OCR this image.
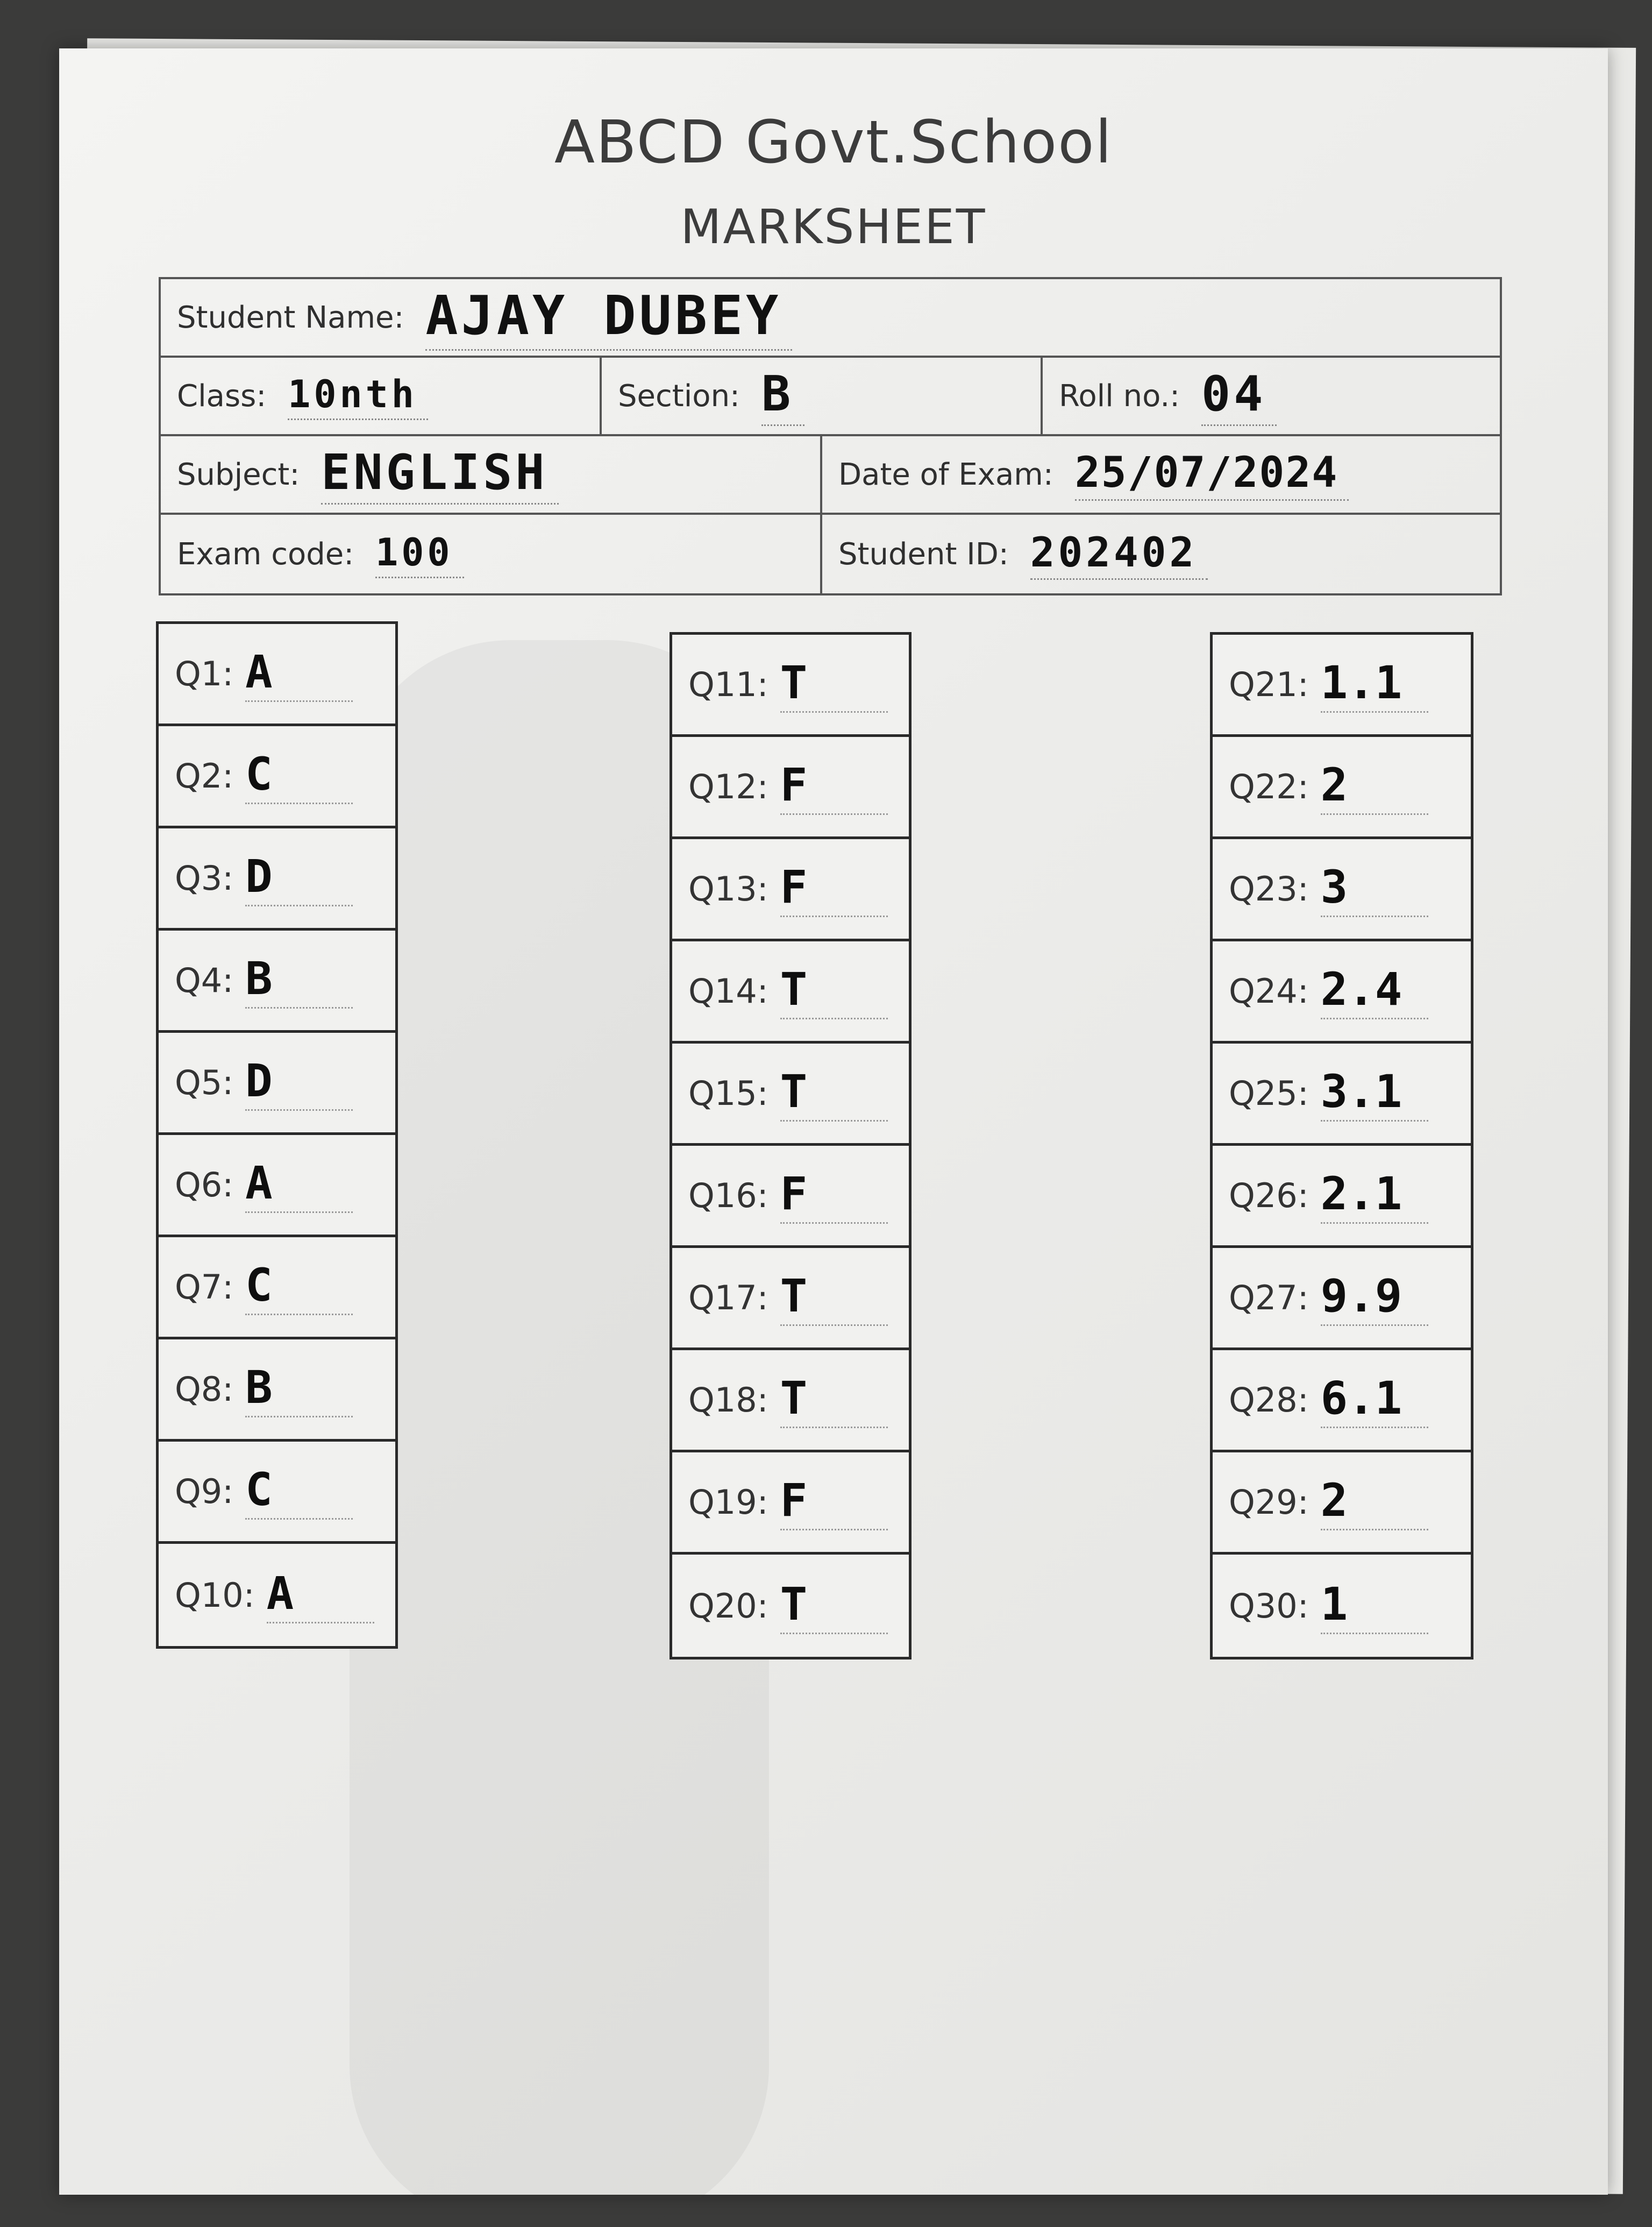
ABCD Govt.School
MARKSHEET
Student Name: AJAY DUBEY
Class: 10nth	Section: B	Roll no.: 04
Subject: ENGLISH	Date of Exam: 25/07/2024
Exam code: 100	Student ID: 202402
Q1: A
Q2: C
Q3: D
Q4: B
Q5: D
Q6: A
Q7: C
Q8: B
Q9: C
Q10: A
Q11: T
Q12: F
Q13: F
Q14: T
Q15: T
Q16: F
Q17: T
Q18: T
Q19: F
Q20: T
Q21: 1.1
Q22: 2
Q23: 3
Q24: 2.4
Q25: 3.1
Q26: 2.1
Q27: 9.9
Q28: 6.1
Q29: 2
Q30: 1
